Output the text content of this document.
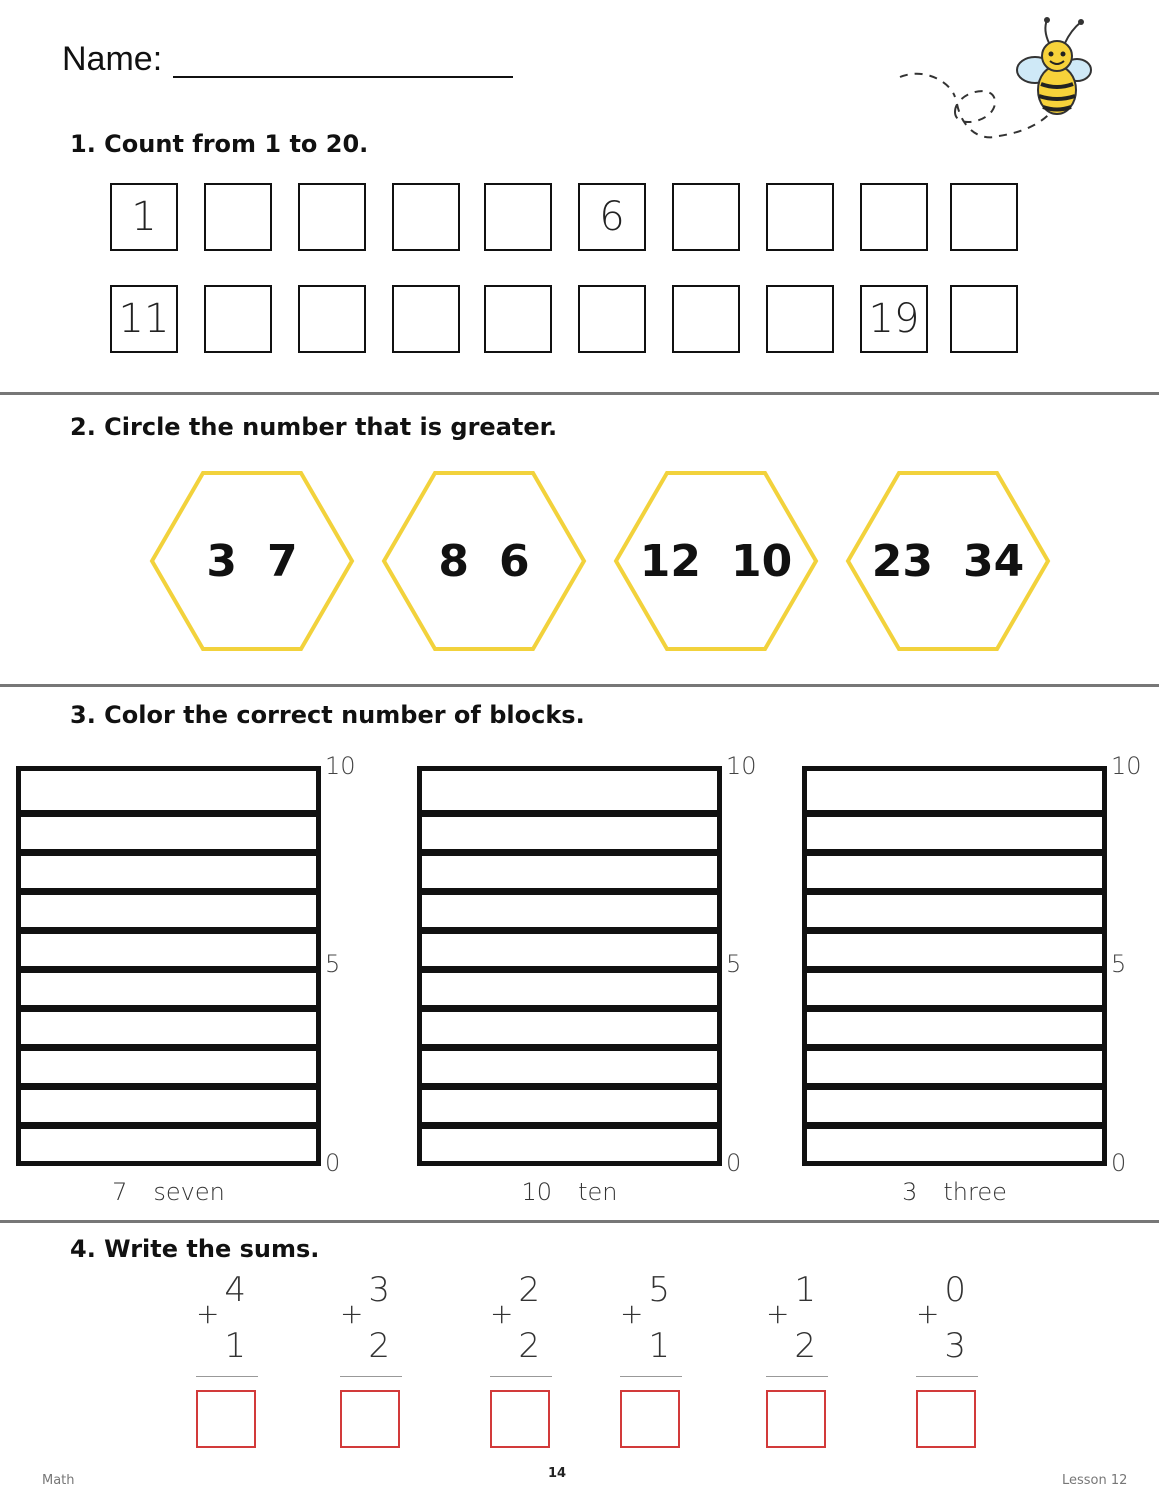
Name:
1. Count from 1 to 20.
1	6
11	19
2. Circle the number that is greater.
3 7	8 6	12 10 23 34
3. Color the correct number of blocks.
10
5
0
7 seven
10
5
0
10 ten
10
5
0
3 three
4. Write the sums.
4
+
1
3
+
2
2
+
2
5
+
1
1
+
2
0
+
3
Math	14	Lesson 12
